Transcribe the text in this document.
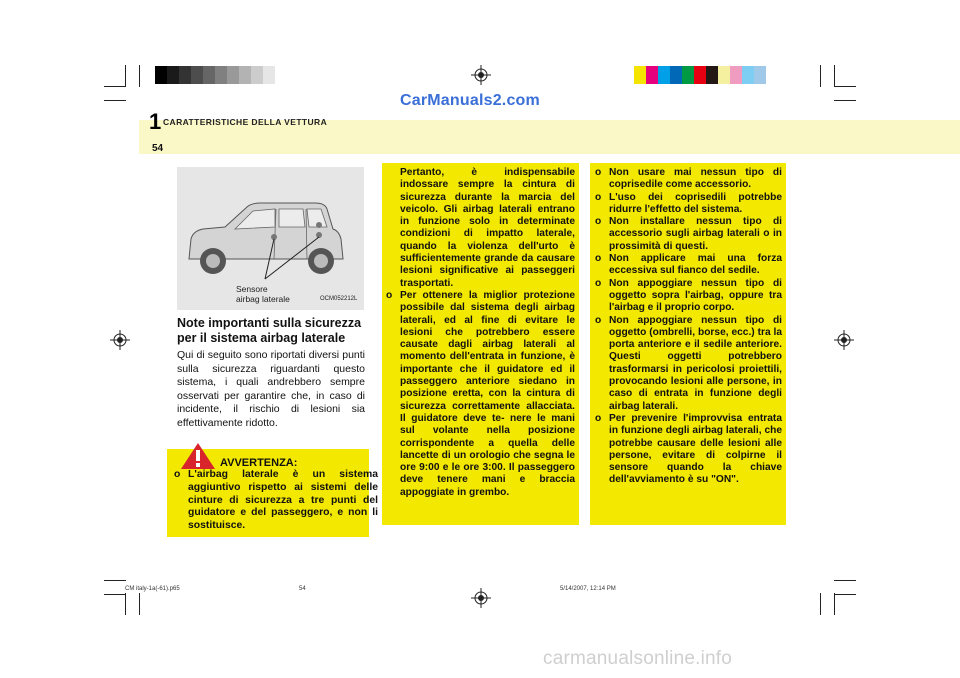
1 CARATTERISTICHE DELLA VETTURA
54
CarManuals2.com
Sensore
airbag laterale	OCM052212L
Note importanti sulla sicurezza per il sistema airbag laterale
Qui di seguito sono riportati diversi punti sulla sicurezza riguardanti questo sistema, i quali andrebbero sempre osservati per garantire che, in caso di incidente, il rischio di lesioni sia effettivamente ridotto.
AVVERTENZA:
o L'airbag laterale è un sistema aggiuntivo rispetto ai sistemi delle cinture di sicurezza a tre punti del guidatore e del passeggero, e non li sostituisce.
Pertanto, è indispensabile indossare sempre la cintura di sicurezza durante la marcia del veicolo. Gli airbag laterali entrano in funzione solo in determinate condizioni di impatto laterale, quando la violenza dell'urto è sufficientemente grande da causare lesioni significative ai passeggeri trasportati.
o Per ottenere la miglior protezione possibile dal sistema degli airbag laterali, ed al fine di evitare le lesioni che potrebbero essere causate dagli airbag laterali al momento dell'entrata in funzione, è importante che il guidatore ed il passeggero anteriore siedano in posizione eretta, con la cintura di sicurezza correttamente allacciata. Il guidatore deve te- nere le mani sul volante nella posizione corrispondente a quella delle lancette di un orologio che segna le ore 9:00 e le ore 3:00. Il passeggero deve tenere mani e braccia appoggiate in grembo.
o Non usare mai nessun tipo di coprisedile come accessorio.
o L'uso dei coprisedili potrebbe ridurre l'effetto del sistema.
o Non installare nessun tipo di accessorio sugli airbag laterali o in prossimità di questi.
o Non applicare mai una forza eccessiva sul fianco del sedile.
o Non appoggiare nessun tipo di oggetto sopra l'airbag, oppure tra l'airbag e il proprio corpo.
o Non appoggiare nessun tipo di oggetto (ombrelli, borse, ecc.) tra la porta anteriore e il sedile anteriore. Questi oggetti potrebbero trasformarsi in pericolosi proiettili, provocando lesioni alle persone, in caso di entrata in funzione degli airbag laterali.
o Per prevenire l'improvvisa entrata in funzione degli airbag laterali, che potrebbe causare delle lesioni alle persone, evitare di colpirne il sensore quando la chiave dell'avviamento è su "ON".
CM italy-1a(-61).p65	54	5/14/2007, 12:14 PM
carmanualsonline.info
